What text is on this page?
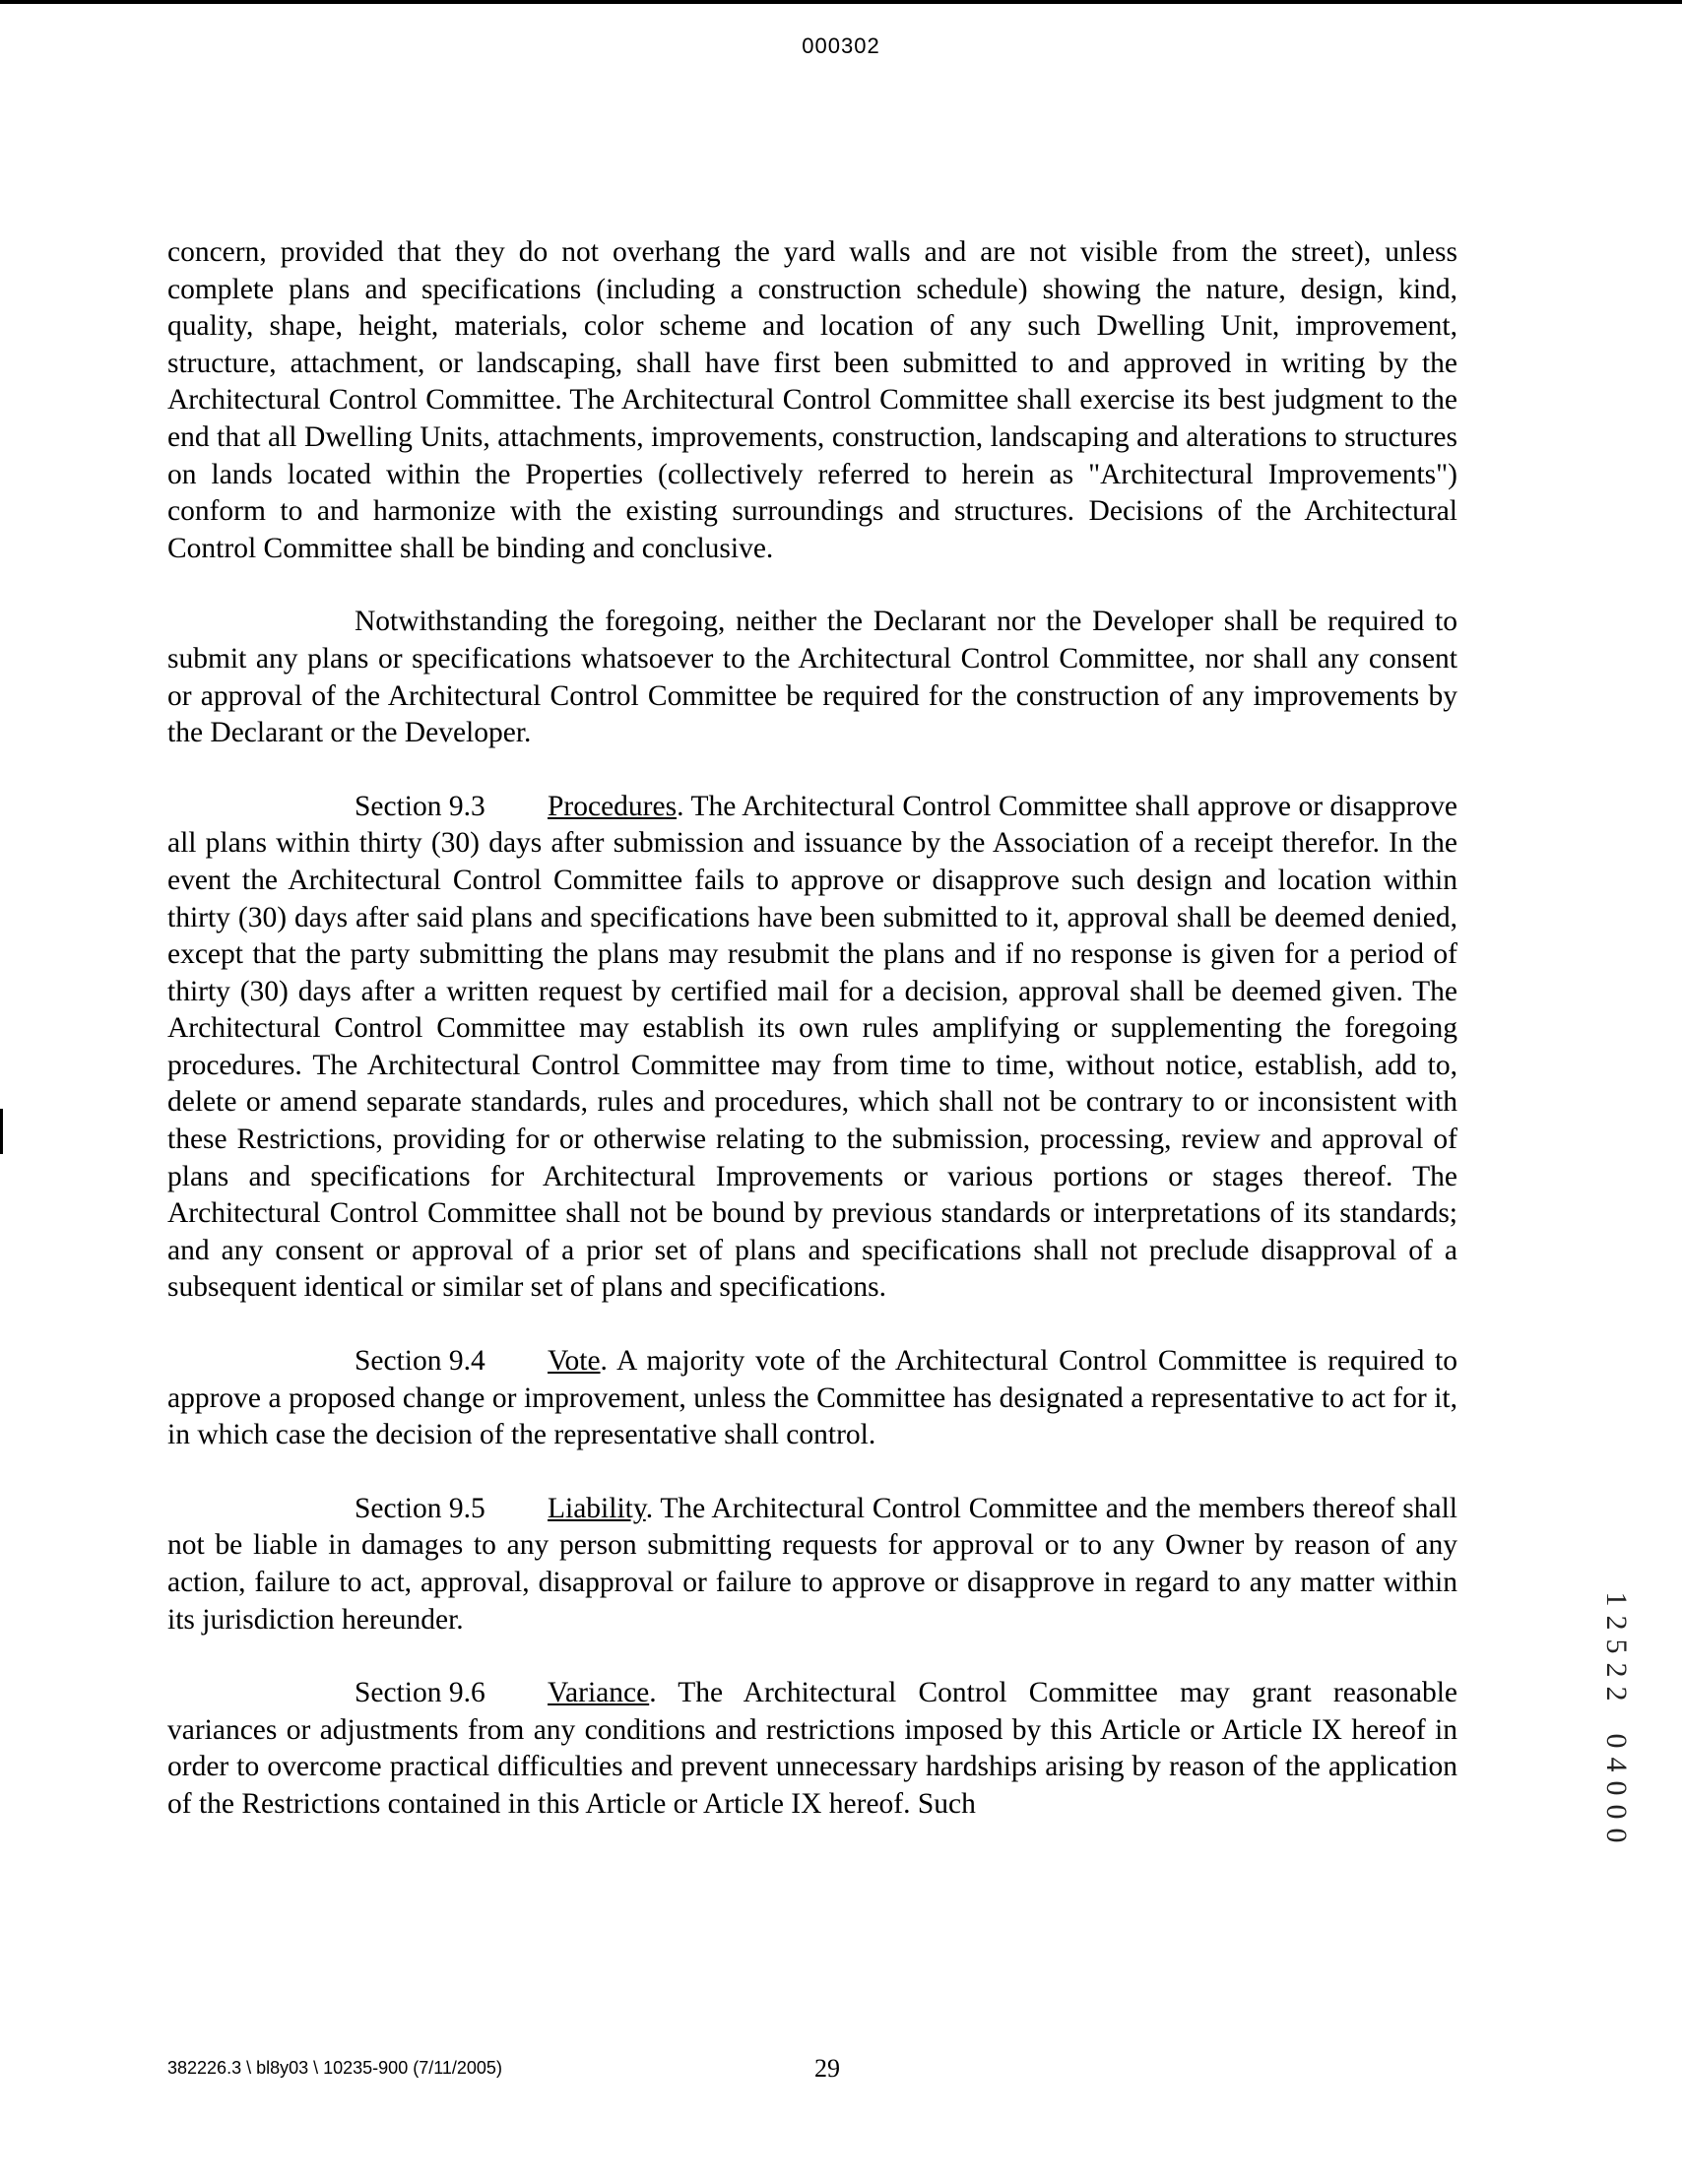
000302

concern, provided that they do not overhang the yard walls and are not visible from the street), unless complete plans and specifications (including a construction schedule) showing the nature, design, kind, quality, shape, height, materials, color scheme and location of any such Dwelling Unit, improvement, structure, attachment, or landscaping, shall have first been submitted to and approved in writing by the Architectural Control Committee. The Architectural Control Committee shall exercise its best judgment to the end that all Dwelling Units, attachments, improvements, construction, landscaping and alterations to structures on lands located within the Properties (collectively referred to herein as "Architectural Improvements") conform to and harmonize with the existing surroundings and structures. Decisions of the Architectural Control Committee shall be binding and conclusive.

Notwithstanding the foregoing, neither the Declarant nor the Developer shall be required to submit any plans or specifications whatsoever to the Architectural Control Committee, nor shall any consent or approval of the Architectural Control Committee be required for the construction of any improvements by the Declarant or the Developer.

Section 9.3 Procedures. The Architectural Control Committee shall approve or disapprove all plans within thirty (30) days after submission and issuance by the Association of a receipt therefor. In the event the Architectural Control Committee fails to approve or disapprove such design and location within thirty (30) days after said plans and specifications have been submitted to it, approval shall be deemed denied, except that the party submitting the plans may resubmit the plans and if no response is given for a period of thirty (30) days after a written request by certified mail for a decision, approval shall be deemed given. The Architectural Control Committee may establish its own rules amplifying or supplementing the foregoing procedures. The Architectural Control Committee may from time to time, without notice, establish, add to, delete or amend separate standards, rules and procedures, which shall not be contrary to or inconsistent with these Restrictions, providing for or otherwise relating to the submission, processing, review and approval of plans and specifications for Architectural Improvements or various portions or stages thereof. The Architectural Control Committee shall not be bound by previous standards or interpretations of its standards; and any consent or approval of a prior set of plans and specifications shall not preclude disapproval of a subsequent identical or similar set of plans and specifications.

Section 9.4 Vote. A majority vote of the Architectural Control Committee is required to approve a proposed change or improvement, unless the Committee has designated a representative to act for it, in which case the decision of the representative shall control.

Section 9.5 Liability. The Architectural Control Committee and the members thereof shall not be liable in damages to any person submitting requests for approval or to any Owner by reason of any action, failure to act, approval, disapproval or failure to approve or disapprove in regard to any matter within its jurisdiction hereunder.

Section 9.6 Variance. The Architectural Control Committee may grant reasonable variances or adjustments from any conditions and restrictions imposed by this Article or Article IX hereof in order to overcome practical difficulties and prevent unnecessary hardships arising by reason of the application of the Restrictions contained in this Article or Article IX hereof. Such

1
2
5
2
2

0
4
0
0
0
382226.3 \ bl8y03 \ 10235-900 (7/11/2005)	29
